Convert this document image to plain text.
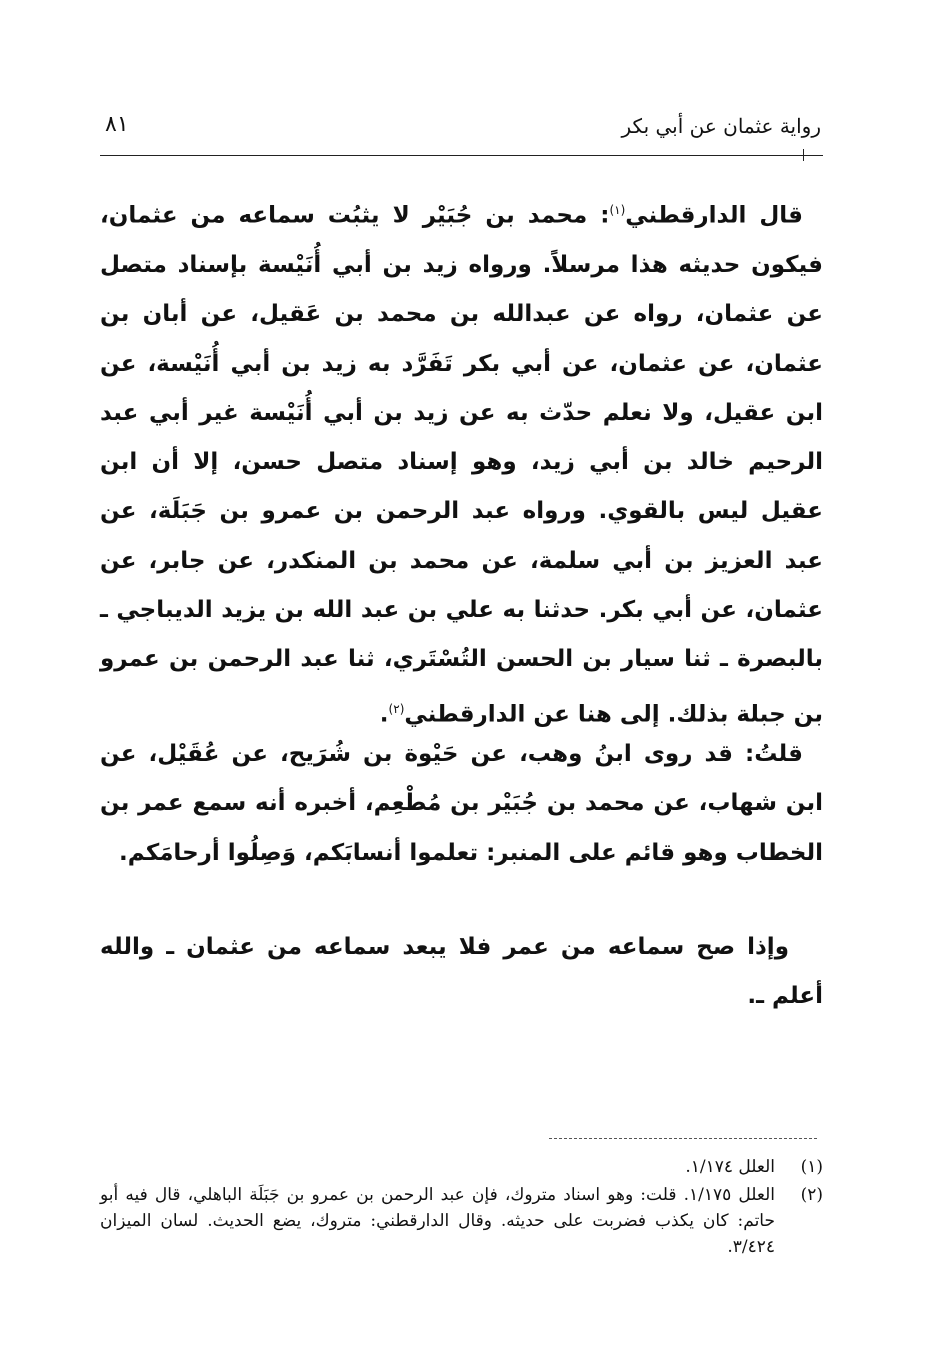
٨١	رواية عثمان عن أبي بكر
قال الدارقطني$^{(١)}$: محمد بن جُبَيْر لا يثبُت سماعه من عثمان، فيكون حديثه هذا مرسلاً. ورواه زيد بن أبي أُنَيْسة بإسناد متصل عن عثمان، رواه عن عبدالله بن محمد بن عَقيل، عن أبان بن عثمان، عن عثمان، عن أبي بكر تَفَرَّد به زيد بن أبي أُنَيْسة، عن ابن عقيل، ولا نعلم حدّث به عن زيد بن أبي أُنَيْسة غير أبي عبد الرحيم خالد بن أبي زيد، وهو إسناد متصل حسن، إلا أن ابن عقيل ليس بالقوي. ورواه عبد الرحمن بن عمرو بن جَبَلَة، عن عبد العزيز بن أبي سلمة، عن محمد بن المنكدر، عن جابر، عن عثمان، عن أبي بكر. حدثنا به علي بن عبد الله بن يزيد الديباجي ـ بالبصرة ـ ثنا سيار بن الحسن التُسْتَري، ثنا عبد الرحمن بن عمرو بن جبلة بذلك. إلى هنا عن الدارقطني$^{(٢)}$.
قلتُ: قد روى ابنُ وهب، عن حَيْوة بن شُرَيح، عن عُقَيْل، عن ابن شهاب، عن محمد بن جُبَيْر بن مُطْعِم، أخبره أنه سمع عمر بن الخطاب وهو قائم على المنبر: تعلموا أنسابَكم، وَصِلُوا أرحامَكم.
وإذا صح سماعه من عمر فلا يبعد سماعه من عثمان ـ والله أعلم ـ.
(١)
العلل ١/١٧٤.
(٢)
العلل ١/١٧٥. قلت: وهو اسناد متروك، فإن عبد الرحمن بن عمرو بن جَبَلَة الباهلي، قال فيه أبو حاتم: كان يكذب فضربت على حديثه. وقال الدارقطني: متروك، يضع الحديث. لسان الميزان ٣/٤٢٤.
